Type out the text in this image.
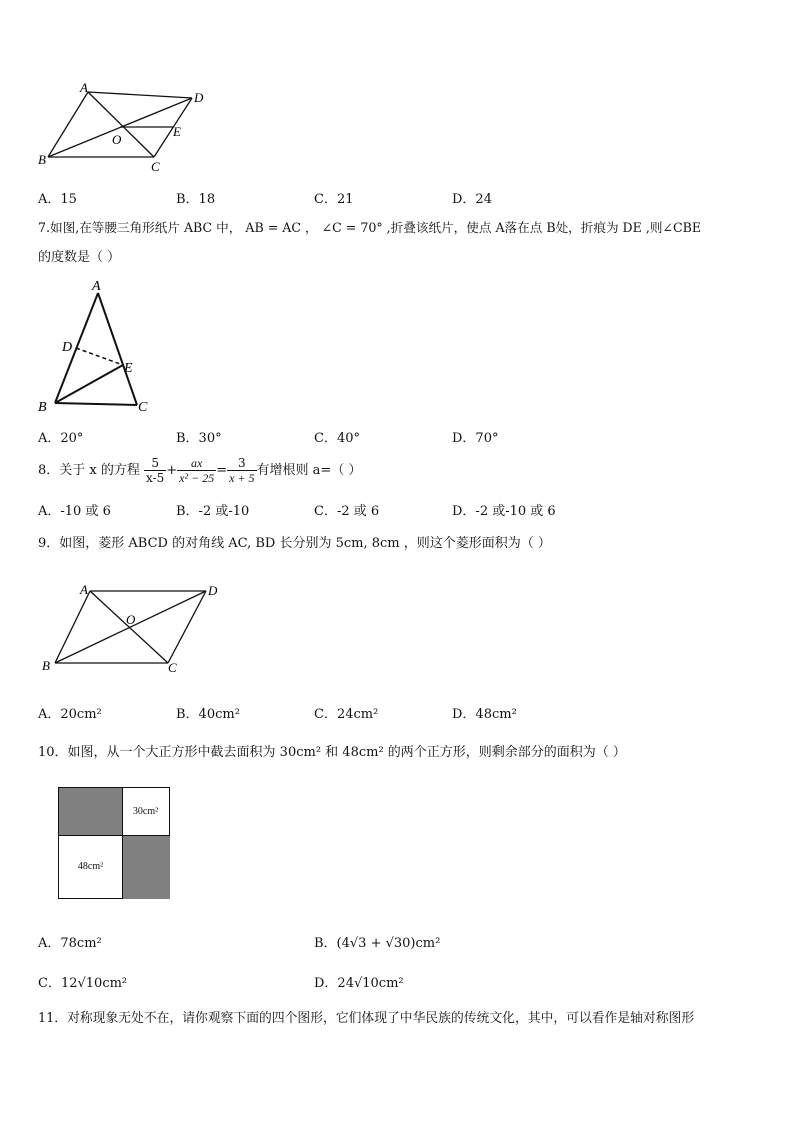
A
D
O
E
B	C
A．15	B．18	C．21	D．24
7.如图,在等腰三角形纸片 ABC 中， AB = AC ， ∠C = 70° ,折叠该纸片，使点 A落在点 B处，折痕为 DE ,则∠CBE
的度数是（ ）
A
D
E
B	C
A．20°	B．30°	C．40°	D．70°
8．关于 x 的方程 $\frac{5}{x-5} + \frac{ax}{\text{x² − 25}} = \frac{3}{x + 5}$ 有增根则 a=（ ）
A．-10 或 6	B．-2 或-10	C．-2 或 6	D．-2 或-10 或 6
9．如图，菱形 ABCD 的对角线 AC, BD 长分别为 5cm, 8cm ，则这个菱形面积为（ ）
A	D
O
B	C
A．20cm²	B．40cm²	C．24cm²	D．48cm²
10．如图，从一个大正方形中截去面积为 30cm² 和 48cm² 的两个正方形，则剩余部分的面积为（ ）
30cm²
48cm²
A．78cm²	B．(4√3 + √30)cm²
C．12√10cm²	D．24√10cm²
11．对称现象无处不在，请你观察下面的四个图形，它们体现了中华民族的传统文化，其中，可以看作是轴对称图形
